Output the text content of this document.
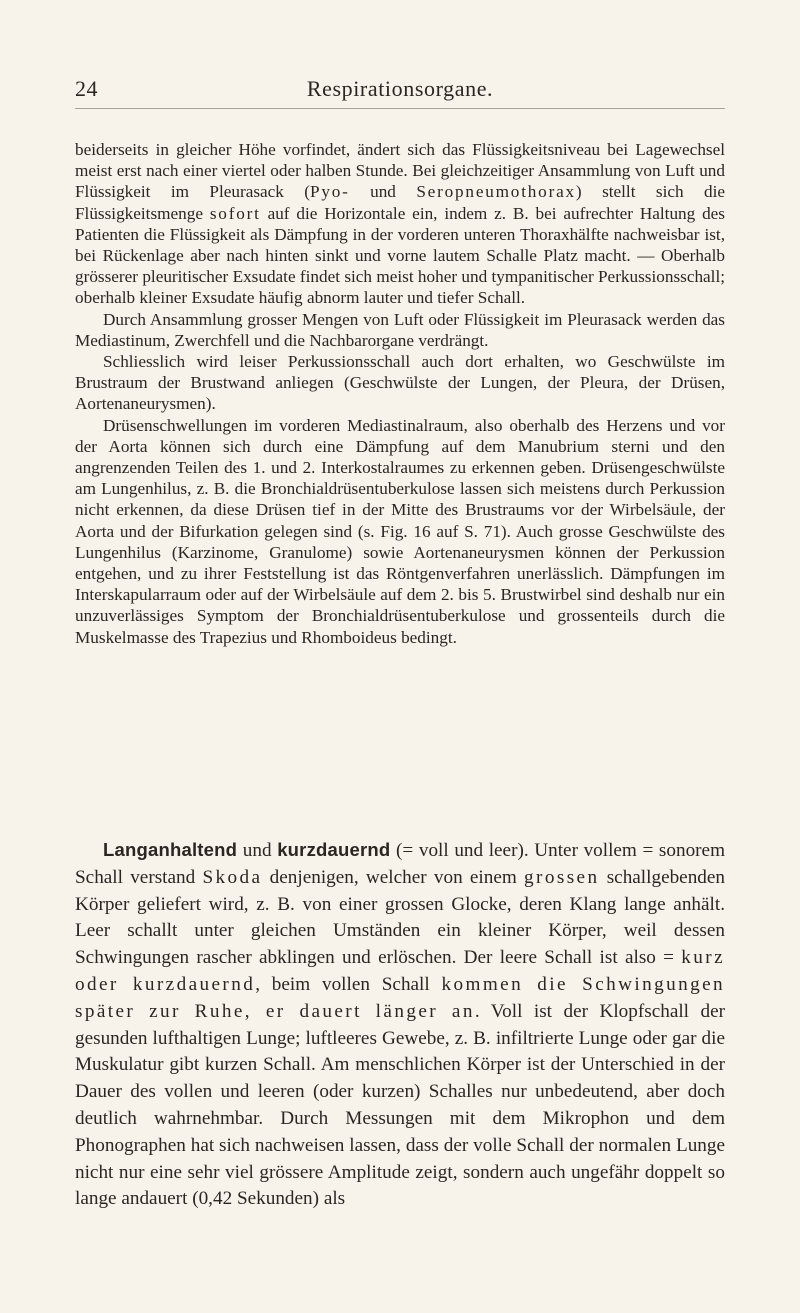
24	Respirationsorgane.

beiderseits in gleicher Höhe vorfindet, ändert sich das Flüssigkeitsniveau bei Lagewechsel meist erst nach einer viertel oder halben Stunde. Bei gleichzeitiger Ansammlung von Luft und Flüssigkeit im Pleurasack (Pyo- und Seropneumothorax) stellt sich die Flüssigkeitsmenge sofort auf die Horizontale ein, indem z. B. bei aufrechter Haltung des Patienten die Flüssigkeit als Dämpfung in der vorderen unteren Thoraxhälfte nachweisbar ist, bei Rückenlage aber nach hinten sinkt und vorne lautem Schalle Platz macht. — Oberhalb grösserer pleuritischer Exsudate findet sich meist hoher und tympanitischer Perkussionsschall; oberhalb kleiner Exsudate häufig abnorm lauter und tiefer Schall.

Durch Ansammlung grosser Mengen von Luft oder Flüssigkeit im Pleurasack werden das Mediastinum, Zwerchfell und die Nachbarorgane verdrängt.

Schliesslich wird leiser Perkussionsschall auch dort erhalten, wo Geschwülste im Brustraum der Brustwand anliegen (Geschwülste der Lungen, der Pleura, der Drüsen, Aortenaneurysmen).

Drüsenschwellungen im vorderen Mediastinalraum, also oberhalb des Herzens und vor der Aorta können sich durch eine Dämpfung auf dem Manubrium sterni und den angrenzenden Teilen des 1. und 2. Interkostalraumes zu erkennen geben. Drüsengeschwülste am Lungenhilus, z. B. die Bronchialdrüsentuberkulose lassen sich meistens durch Perkussion nicht erkennen, da diese Drüsen tief in der Mitte des Brustraums vor der Wirbelsäule, der Aorta und der Bifurkation gelegen sind (s. Fig. 16 auf S. 71). Auch grosse Geschwülste des Lungenhilus (Karzinome, Granulome) sowie Aortenaneurysmen können der Perkussion entgehen, und zu ihrer Feststellung ist das Röntgenverfahren unerlässlich. Dämpfungen im Interskapularraum oder auf der Wirbelsäule auf dem 2. bis 5. Brustwirbel sind deshalb nur ein unzuverlässiges Symptom der Bronchialdrüsentuberkulose und grossenteils durch die Muskelmasse des Trapezius und Rhomboideus bedingt.

Langanhaltend und kurzdauernd (= voll und leer). Unter vollem = sonorem Schall verstand Skoda denjenigen, welcher von einem grossen schallgebenden Körper geliefert wird, z. B. von einer grossen Glocke, deren Klang lange anhält. Leer schallt unter gleichen Umständen ein kleiner Körper, weil dessen Schwingungen rascher abklingen und erlöschen. Der leere Schall ist also = kurz oder kurzdauernd, beim vollen Schall kommen die Schwingungen später zur Ruhe, er dauert länger an. Voll ist der Klopfschall der gesunden lufthaltigen Lunge; luftleeres Gewebe, z. B. infiltrierte Lunge oder gar die Muskulatur gibt kurzen Schall. Am menschlichen Körper ist der Unterschied in der Dauer des vollen und leeren (oder kurzen) Schalles nur unbedeutend, aber doch deutlich wahrnehmbar. Durch Messungen mit dem Mikrophon und dem Phonographen hat sich nachweisen lassen, dass der volle Schall der normalen Lunge nicht nur eine sehr viel grössere Amplitude zeigt, sondern auch ungefähr doppelt so lange andauert (0,42 Sekunden) als
